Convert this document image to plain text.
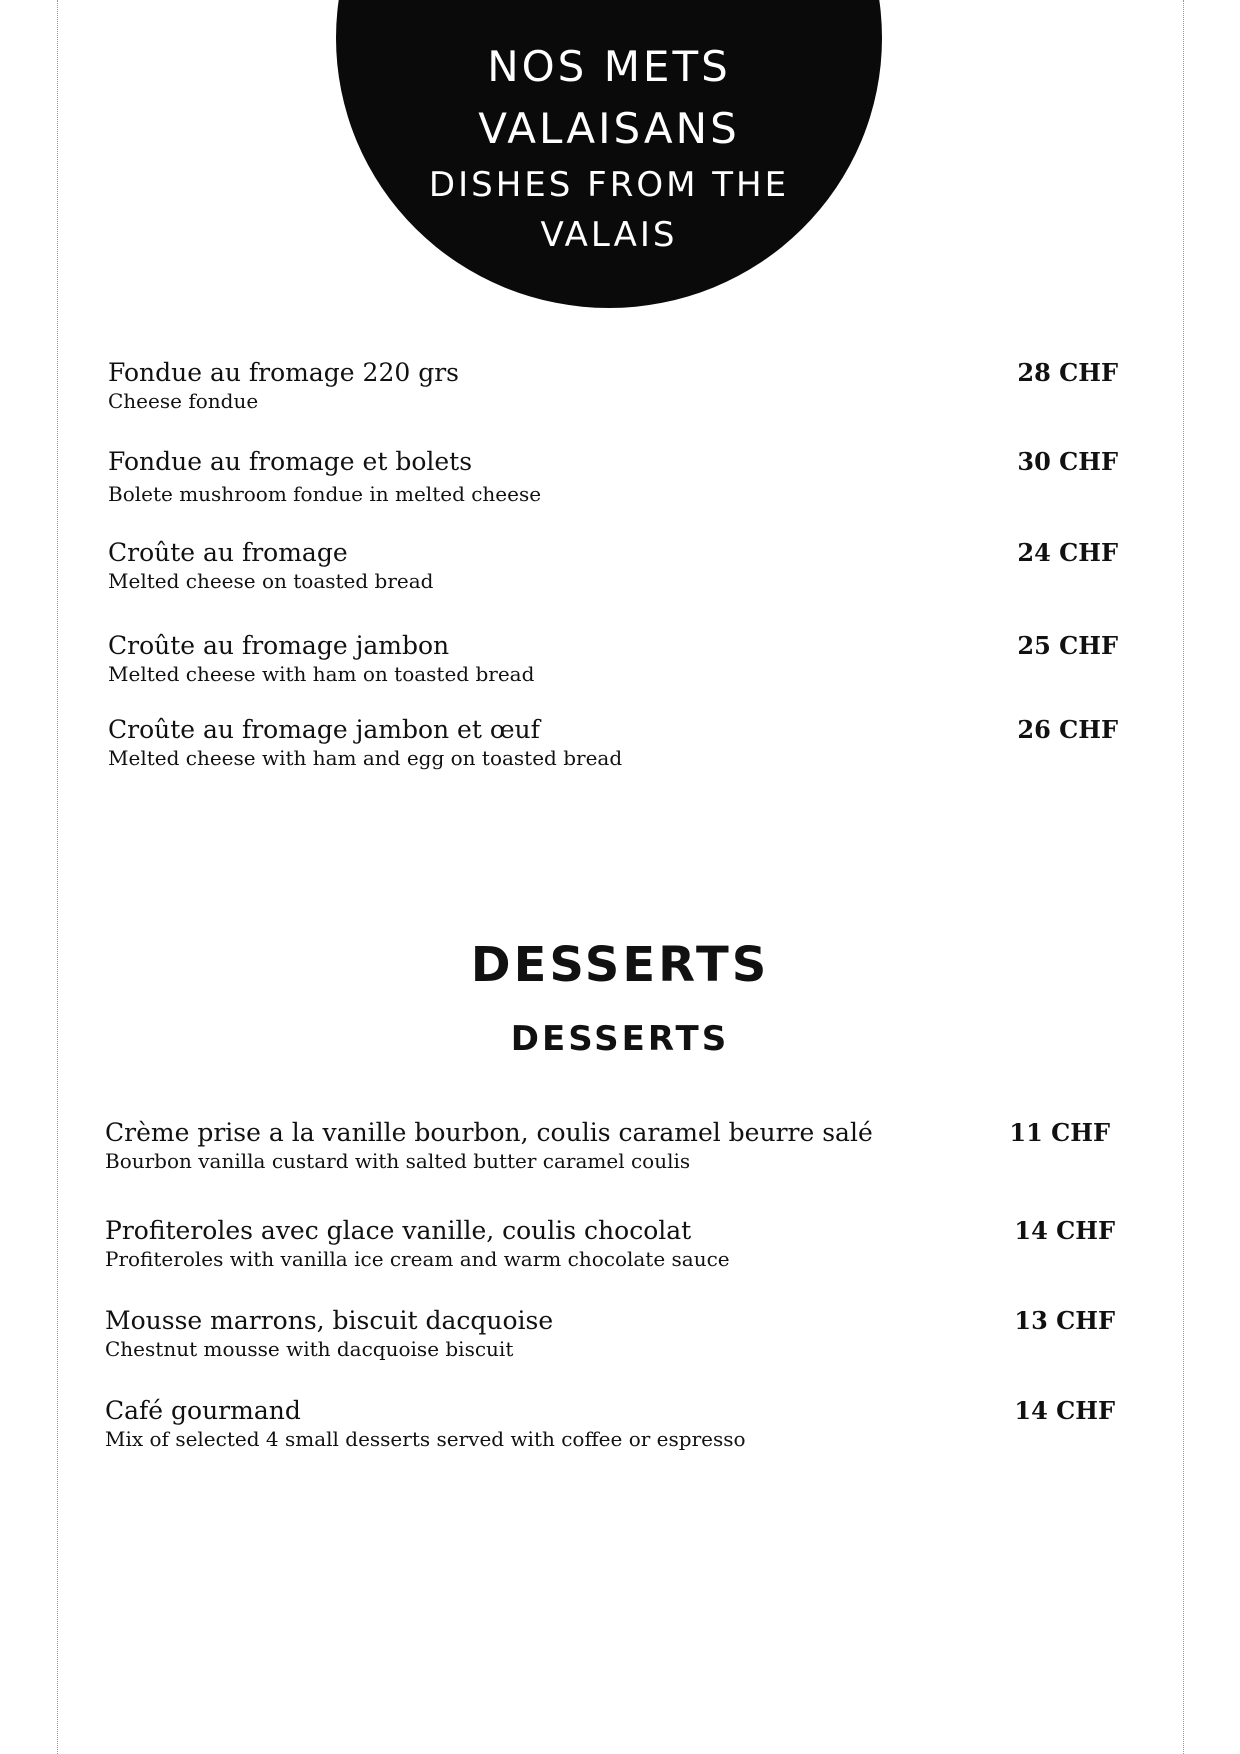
NOS METS VALAISANS
DISHES FROM THE VALAIS
Fondue au fromage 220 grs
Cheese fondue
28 CHF
Fondue au fromage et bolets
Bolete mushroom fondue in melted cheese
30 CHF
Croûte au fromage
Melted cheese on toasted bread
24 CHF
Croûte au fromage jambon
Melted cheese with ham on toasted bread
25 CHF
Croûte au fromage jambon et œuf
Melted cheese with ham and egg on toasted bread
26 CHF
DESSERTS
DESSERTS
Crème prise a la vanille bourbon, coulis caramel beurre salé
Bourbon vanilla custard with salted butter caramel coulis
11 CHF
Profiteroles avec glace vanille, coulis chocolat
Profiteroles with vanilla ice cream and warm chocolate sauce
14 CHF
Mousse marrons, biscuit dacquoise
Chestnut mousse with dacquoise biscuit
13 CHF
Café gourmand
Mix of selected 4 small desserts served with coffee or espresso
14 CHF
